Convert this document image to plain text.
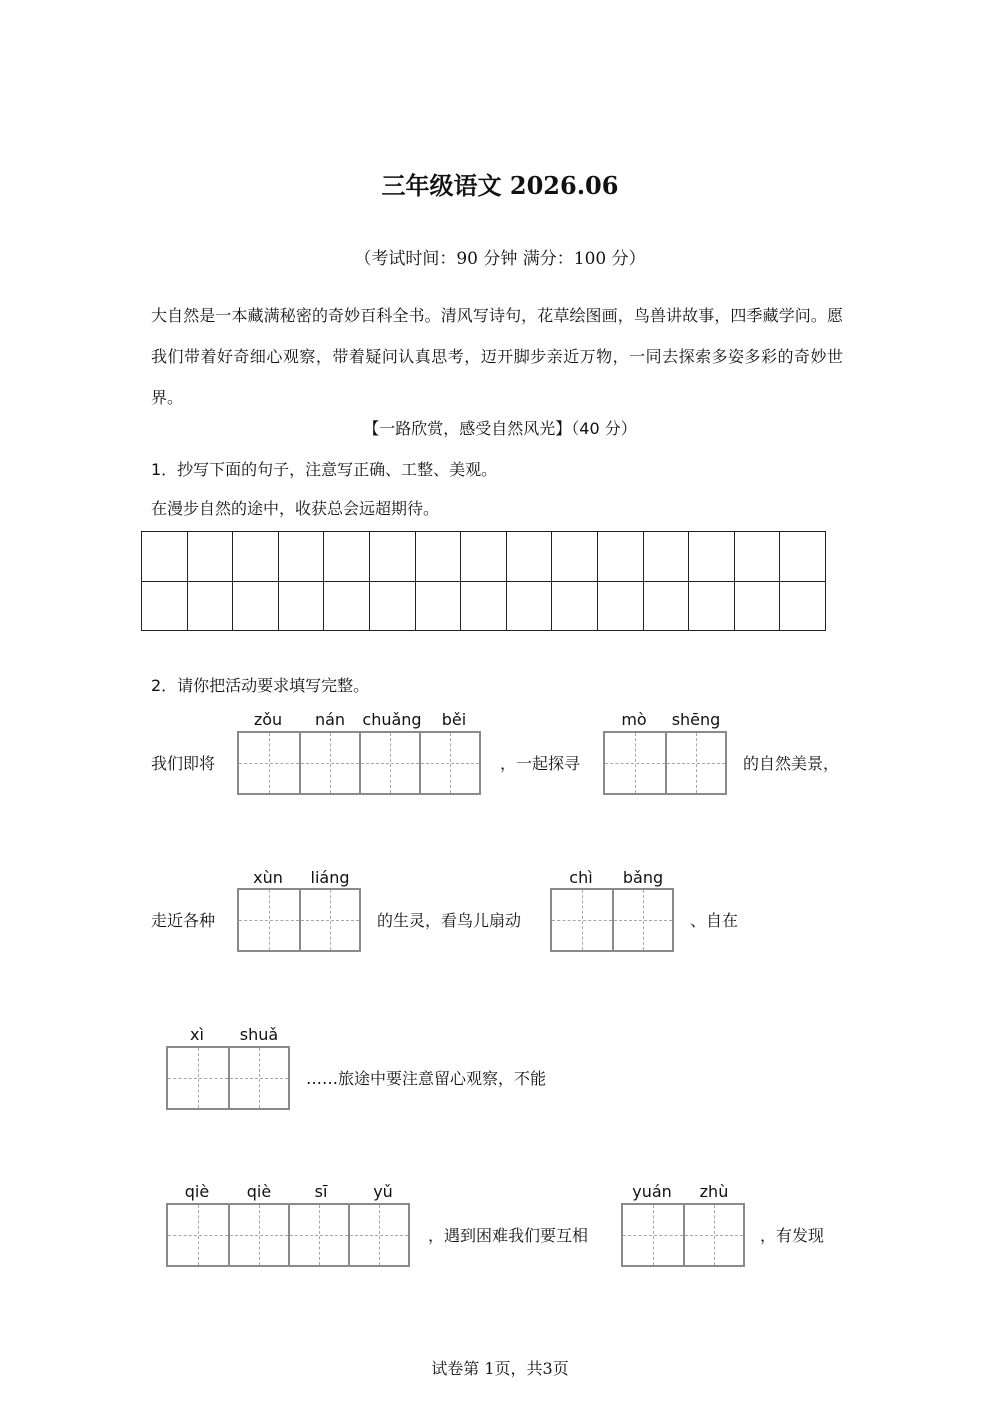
三年级语文 2026.06
（考试时间：90 分钟 满分：100 分）
大自然是一本藏满秘密的奇妙百科全书。清风写诗句，花草绘图画，鸟兽讲故事，四季藏学问。愿我们带着好奇细心观察，带着疑问认真思考，迈开脚步亲近万物，一同去探索多姿多彩的奇妙世界。
【一路欣赏，感受自然风光】（40 分）
1．抄写下面的句子，注意写正确、工整、美观。
在漫步自然的途中，收获总会远超期待。

2．请你把活动要求填写完整。
我们即将
zǒu	nán	chuǎng	běi
，一起探寻
mò	shēng
的自然美景，
走近各种
xùn	liáng
的生灵，看鸟儿扇动
chì	bǎng
、自在
xì	shuǎ
……旅途中要注意留心观察，不能
qiè	qiè	sī	yǔ
，遇到困难我们要互相
yuán	zhù
，有发现
试卷第 1页，共3页
